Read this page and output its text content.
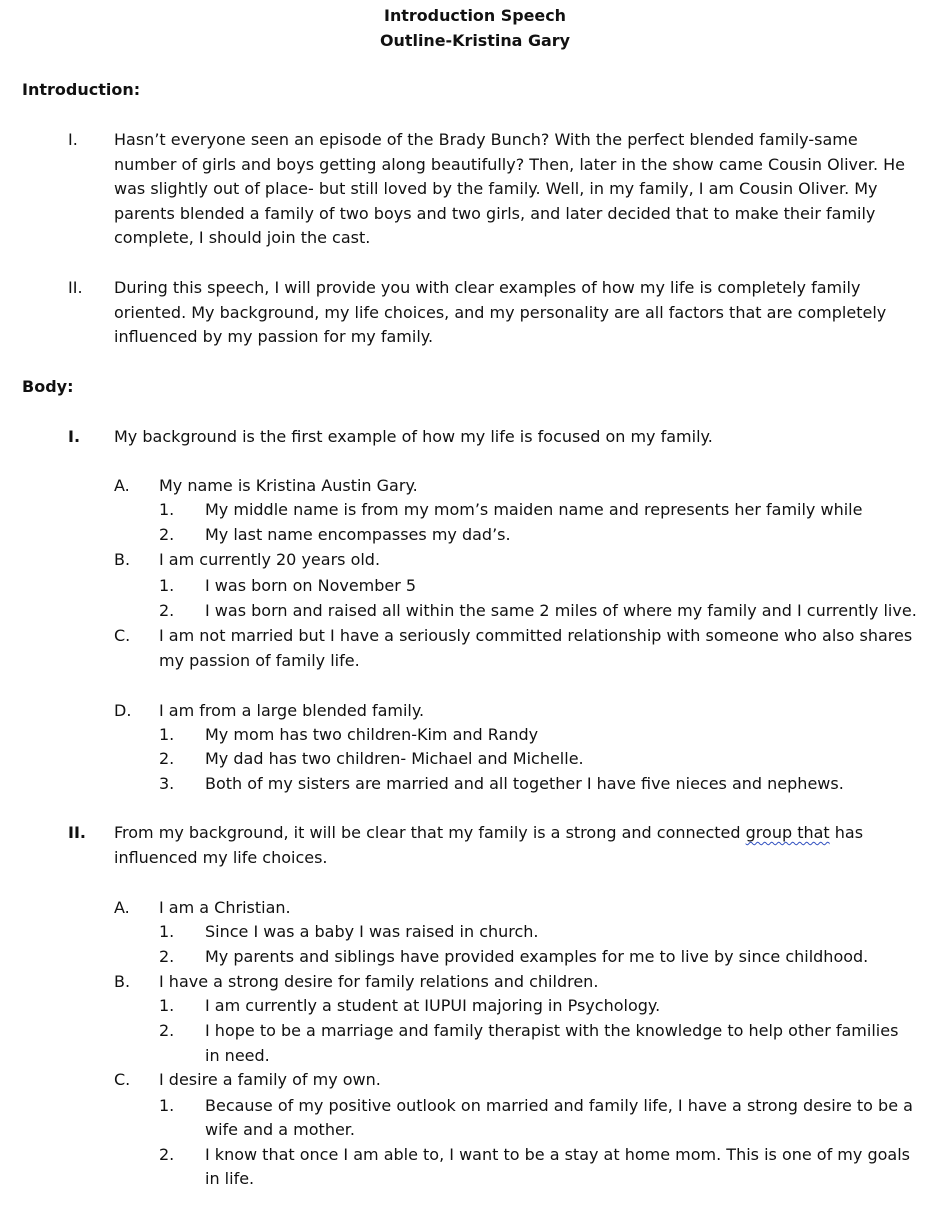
Introduction Speech

Outline-Kristina Gary

Introduction:

I. Hasn’t everyone seen an episode of the Brady Bunch? With the perfect blended family-same

number of girls and boys getting along beautifully? Then, later in the show came Cousin Oliver. He

was slightly out of place- but still loved by the family. Well, in my family, I am Cousin Oliver. My

parents blended a family of two boys and two girls, and later decided that to make their family

complete, I should join the cast.

II. During this speech, I will provide you with clear examples of how my life is completely family

oriented. My background, my life choices, and my personality are all factors that are completely

influenced by my passion for my family.

Body:

I. My background is the first example of how my life is focused on my family.

A. My name is Kristina Austin Gary.

1. My middle name is from my mom’s maiden name and represents her family while

2. My last name encompasses my dad’s.

B. I am currently 20 years old.

1. I was born on November 5

2. I was born and raised all within the same 2 miles of where my family and I currently live.

C. I am not married but I have a seriously committed relationship with someone who also shares

my passion of family life.

D. I am from a large blended family.

1. My mom has two children-Kim and Randy

2. My dad has two children- Michael and Michelle.

3. Both of my sisters are married and all together I have five nieces and nephews.

II. From my background, it will be clear that my family is a strong and connected group that has

influenced my life choices.

A. I am a Christian.

1. Since I was a baby I was raised in church.

2. My parents and siblings have provided examples for me to live by since childhood.

B. I have a strong desire for family relations and children.

1. I am currently a student at IUPUI majoring in Psychology.

2. I hope to be a marriage and family therapist with the knowledge to help other families

in need.

C. I desire a family of my own.

1. Because of my positive outlook on married and family life, I have a strong desire to be a

wife and a mother.

2. I know that once I am able to, I want to be a stay at home mom. This is one of my goals

in life.
